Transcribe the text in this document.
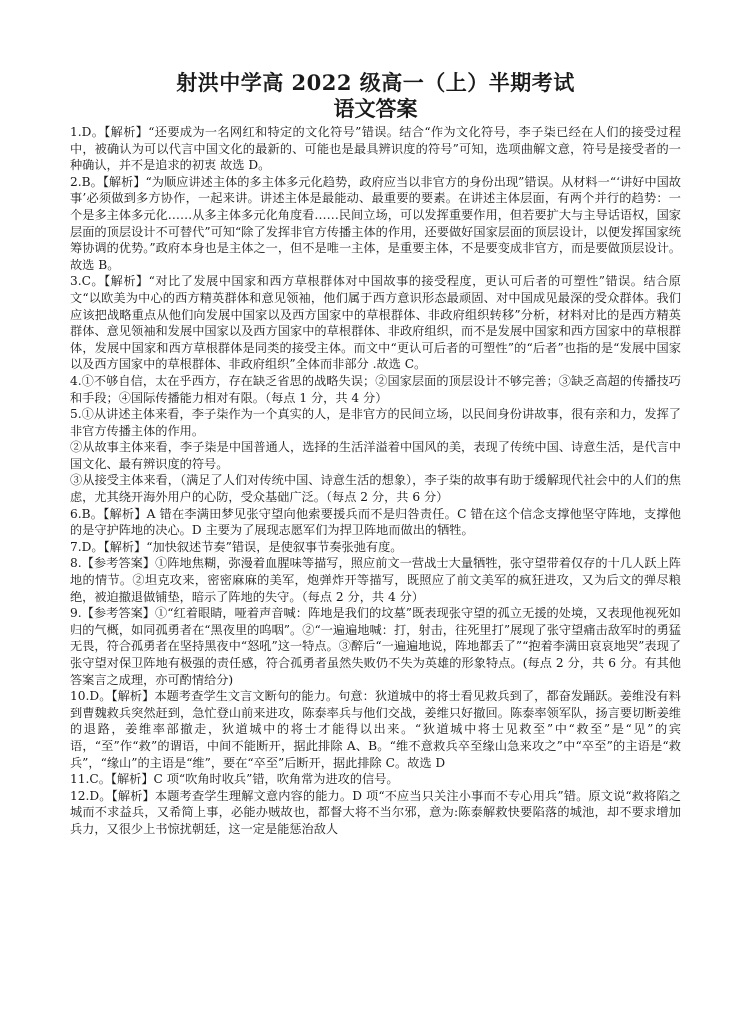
射洪中学高 2022 级高一（上）半期考试
语文答案

1.D。【解析】“还要成为一名网红和特定的文化符号”错误。结合“作为文化符号，李子柒已经在人们的接受过程中，被确认为可以代言中国文化的最新的、可能也是最具辨识度的符号”可知，选项曲解文意，符号是接受者的一种确认，并不是追求的初衷 故选 D。

2.B。【解析】“为顺应讲述主体的多主体多元化趋势，政府应当以非官方的身份出现”错误。从材料一“‘讲好中国故事’必须做到多方协作，一起来讲。讲述主体是最能动、最重要的要素。在讲述主体层面，有两个并行的趋势：一个是多主体多元化……从多主体多元化角度看……民间立场，可以发挥重要作用，但若要扩大与主导话语权，国家层面的顶层设计不可替代”可知“除了发挥非官方传播主体的作用，还要做好国家层面的顶层设计，以便发挥国家统筹协调的优势。”政府本身也是主体之一，但不是唯一主体，是重要主体，不是要变成非官方，而是要做顶层设计。故选 B。

3.C。【解析】“对比了发展中国家和西方草根群体对中国故事的接受程度，更认可后者的可塑性”错误。结合原文“以欧美为中心的西方精英群体和意见领袖，他们属于西方意识形态最顽固、对中国成见最深的受众群体。我们应该把战略重点从他们向发展中国家以及西方国家中的草根群体、非政府组织转移”分析，材料对比的是西方精英群体、意见领袖和发展中国家以及西方国家中的草根群体、非政府组织，而不是发展中国家和西方国家中的草根群体，发展中国家和西方草根群体是同类的接受主体。而文中“更认可后者的可塑性”的“后者”也指的是“发展中国家以及西方国家中的草根群体、非政府组织”全体而非部分 .故选 C。

4.①不够自信，太在乎西方，存在缺乏省思的战略失误；②国家层面的顶层设计不够完善；③缺乏高超的传播技巧和手段；④国际传播能力相对有限。（每点 1 分，共 4 分）

5.①从讲述主体来看，李子柒作为一个真实的人，是非官方的民间立场，以民间身份讲故事，很有亲和力，发挥了非官方传播主体的作用。

②从故事主体来看，李子柒是中国普通人，选择的生活洋溢着中国风的美，表现了传统中国、诗意生活，是代言中国文化、最有辨识度的符号。

③从接受主体来看，（满足了人们对传统中国、诗意生活的想象），李子柒的故事有助于缓解现代社会中的人们的焦虑，尤其绕开海外用户的心防，受众基础广泛。（每点 2 分，共 6 分）

6.B。【解析】A 错在李满田梦见张守望向他索要援兵而不是归咎责任。C 错在这个信念支撑他坚守阵地，支撑他的是守护阵地的决心。D 主要为了展现志愿军们为捍卫阵地而做出的牺牲。

7.D。【解析】“加快叙述节奏”错误，是使叙事节奏张弛有度。

8.【参考答案】①阵地焦糊，弥漫着血腥味等描写，照应前文一营战士大量牺牲，张守望带着仅存的十几人跃上阵地的情节。②坦克攻来，密密麻麻的美军，炮弹炸开等描写，既照应了前文美军的疯狂进攻，又为后文的弹尽粮绝，被迫撤退做铺垫，暗示了阵地的失守。（每点 2 分，共 4 分）

9.【参考答案】①“红着眼睛，哑着声音喊：阵地是我们的坟墓”既表现张守望的孤立无援的处境，又表现他视死如归的气概，如同孤勇者在“黑夜里的呜咽”。②“一遍遍地喊：打，射击，往死里打”展现了张守望痛击敌军时的勇猛无畏，符合孤勇者在坚持黑夜中“怒吼”这一特点。③醉后“一遍遍地说，阵地都丢了”“抱着李满田哀哀地哭”表现了张守望对保卫阵地有极强的责任感，符合孤勇者虽然失败仍不失为英雄的形象特点。(每点 2 分，共 6 分。有其他答案言之成理，亦可酌情给分)

10.D。【解析】本题考查学生文言文断句的能力。句意：狄道城中的将士看见救兵到了，都奋发踊跃。姜维没有料到曹魏救兵突然赶到，急忙登山前来进攻，陈泰率兵与他们交战，姜维只好撤回。陈泰率领军队，扬言要切断姜维的退路，姜维率部撤走，狄道城中的将士才能得以出来。“狄道城中将士见救至”中“救至”是“见”的宾语，“至”作“救”的谓语，中间不能断开，据此排除 A、B。“维不意救兵卒至缘山急来攻之”中“卒至”的主语是“救兵”，“缘山”的主语是“维”，要在“卒至”后断开，据此排除 C。故选 D

11.C。【解析】C 项“吹角时收兵”错，吹角常为进攻的信号。

12.D。【解析】本题考查学生理解文意内容的能力。D 项“不应当只关注小事而不专心用兵”错。原文说“救将陷之城而不求益兵，又希简上事，必能办贼故也，都督大将不当尔邪，意为:陈泰解救快要陷落的城池，却不要求增加兵力，又很少上书惊扰朝廷，这一定是能惩治敌人
